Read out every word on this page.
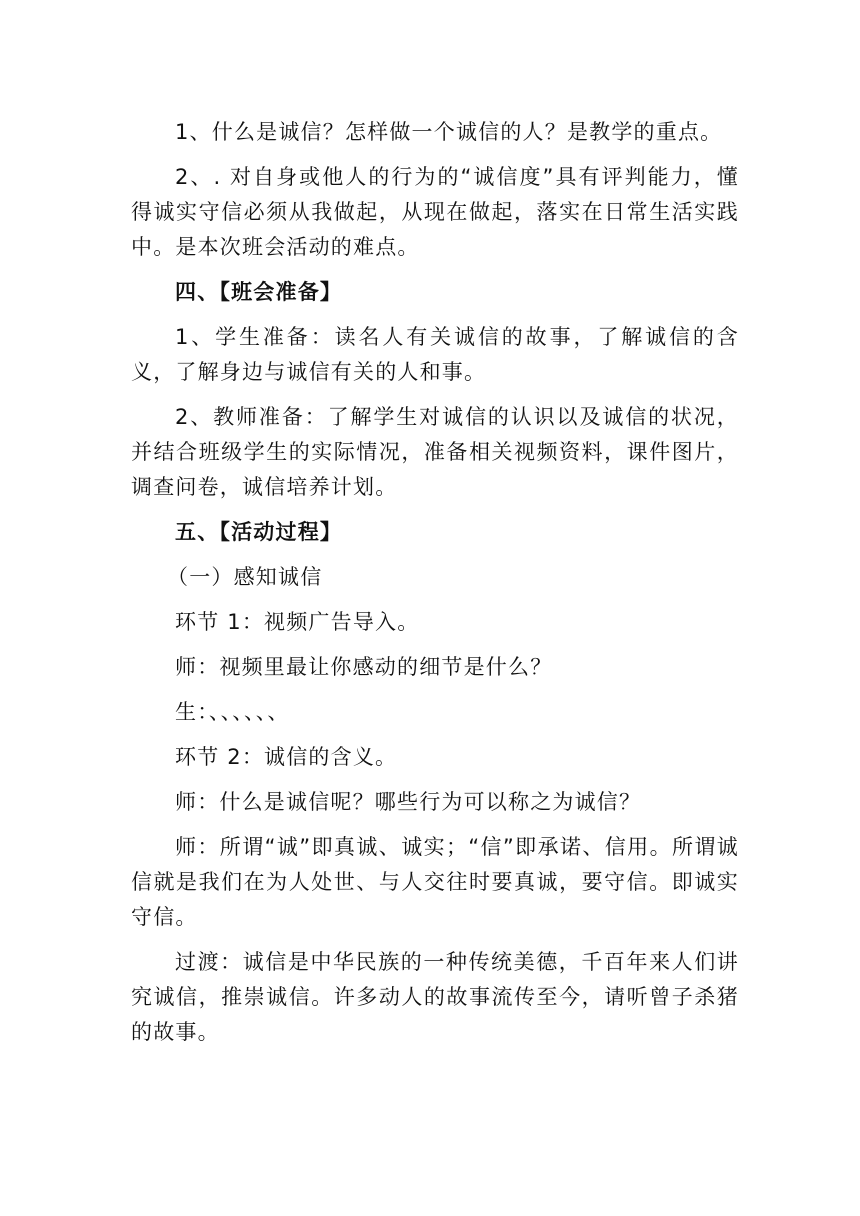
1、什么是诚信？怎样做一个诚信的人？是教学的重点。

2、. 对自身或他人的行为的“诚信度”具有评判能力，懂得诚实守信必须从我做起，从现在做起，落实在日常生活实践中。是本次班会活动的难点。

四、【班会准备】

1、学生准备：读名人有关诚信的故事，了解诚信的含义，了解身边与诚信有关的人和事。

2、教师准备：了解学生对诚信的认识以及诚信的状况，并结合班级学生的实际情况，准备相关视频资料，课件图片，调查问卷，诚信培养计划。

五、【活动过程】

（一）感知诚信

环节 1：视频广告导入。

师：视频里最让你感动的细节是什么？

生：、、、、、、

环节 2：诚信的含义。

师：什么是诚信呢？哪些行为可以称之为诚信？

师：所谓“诚”即真诚、诚实；“信”即承诺、信用。所谓诚信就是我们在为人处世、与人交往时要真诚，要守信。即诚实守信。

过渡：诚信是中华民族的一种传统美德，千百年来人们讲究诚信，推崇诚信。许多动人的故事流传至今，请听曾子杀猪的故事。
